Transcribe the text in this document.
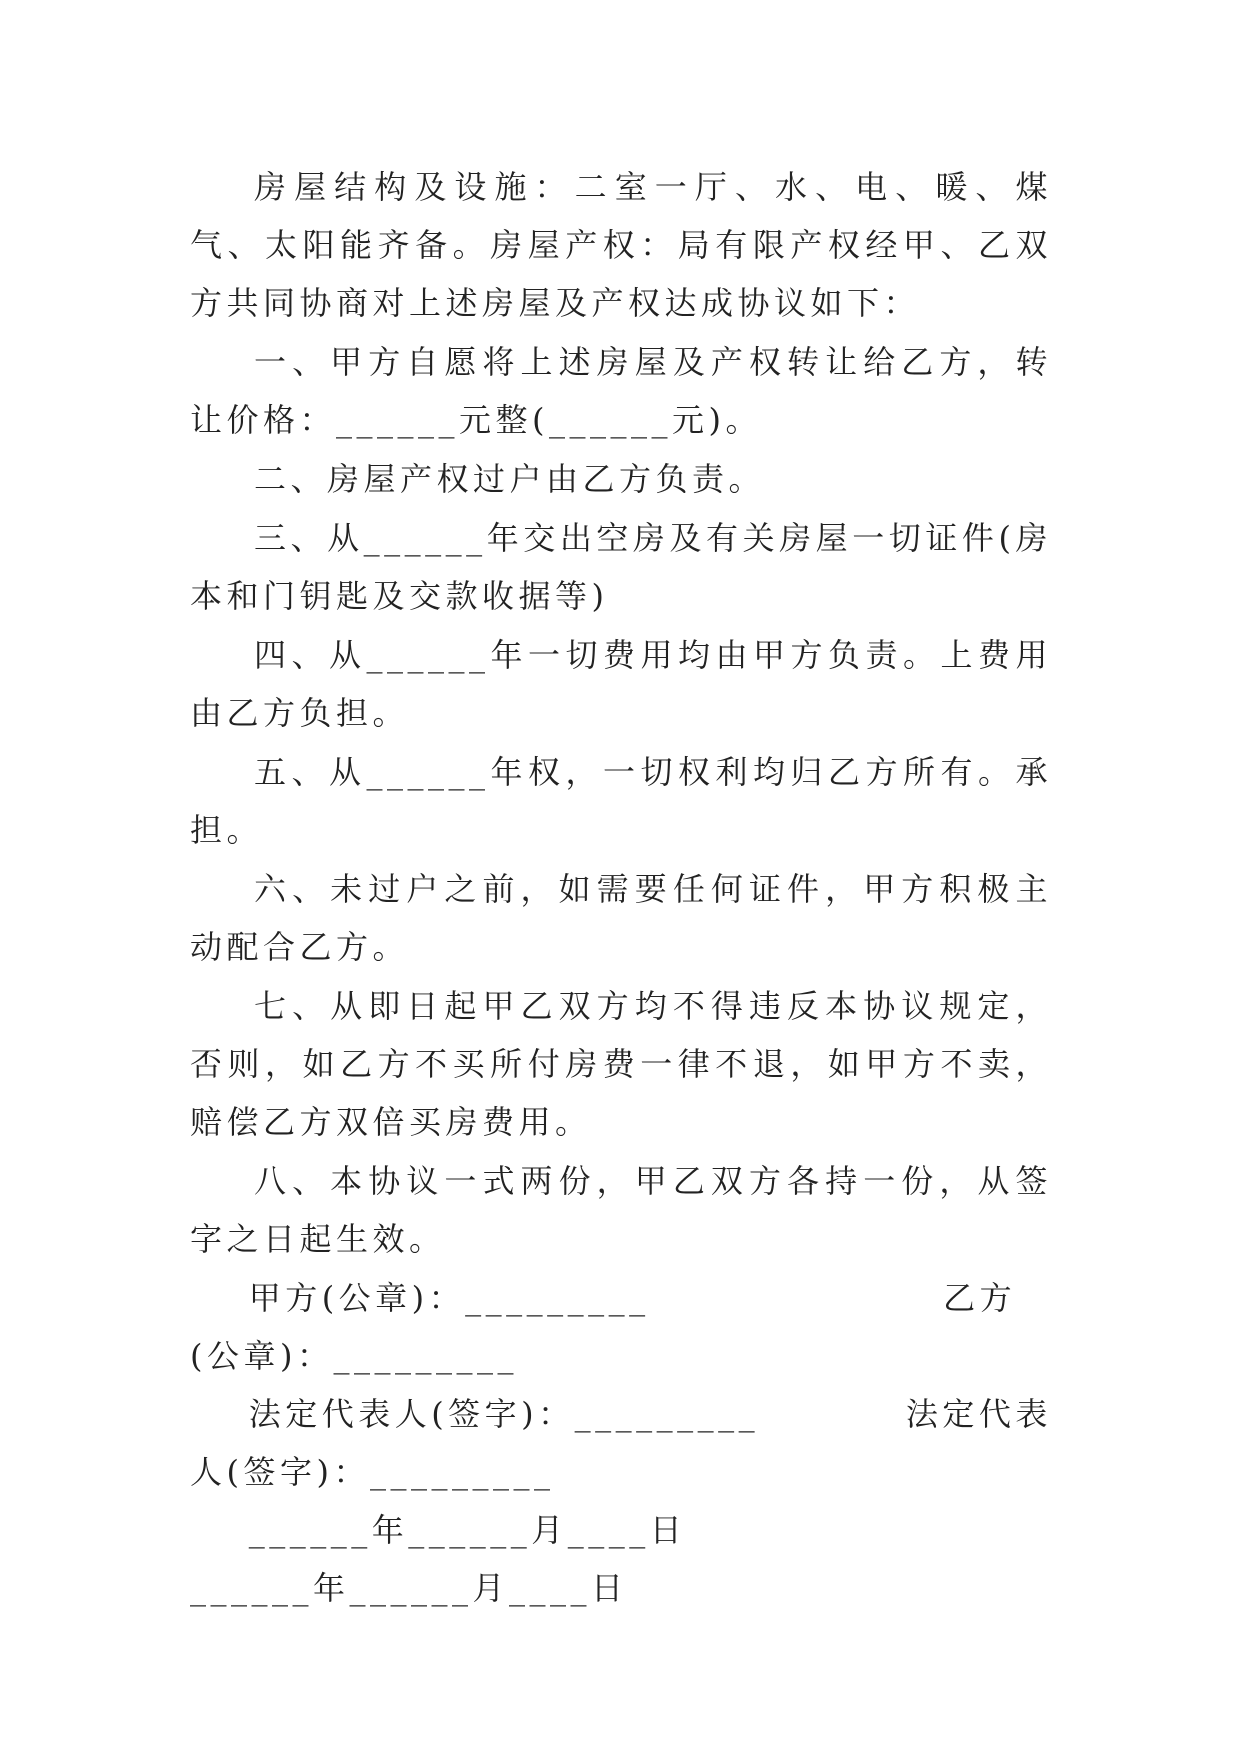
房屋结构及设施：二室一厅、水、电、暖、煤气、太阳能齐备。房屋产权：局有限产权经甲、乙双方共同协商对上述房屋及产权达成协议如下：

一、甲方自愿将上述房屋及产权转让给乙方，转让价格：______元整(______元)。

二、房屋产权过户由乙方负责。

三、从______年交出空房及有关房屋一切证件(房本和门钥匙及交款收据等)

四、从______年一切费用均由甲方负责。上费用由乙方负担。

五、从______年权，一切权利均归乙方所有。承担。

六、未过户之前，如需要任何证件，甲方积极主动配合乙方。

七、从即日起甲乙双方均不得违反本协议规定，否则，如乙方不买所付房费一律不退，如甲方不卖，赔偿乙方双倍买房费用。

八、本协议一式两份，甲乙双方各持一份，从签字之日起生效。

甲方(公章)：_________	乙方(公章)：_________

法定代表人(签字)：_________	法定代表人(签字)：_________

______年______月____日                  ______年______月____日
